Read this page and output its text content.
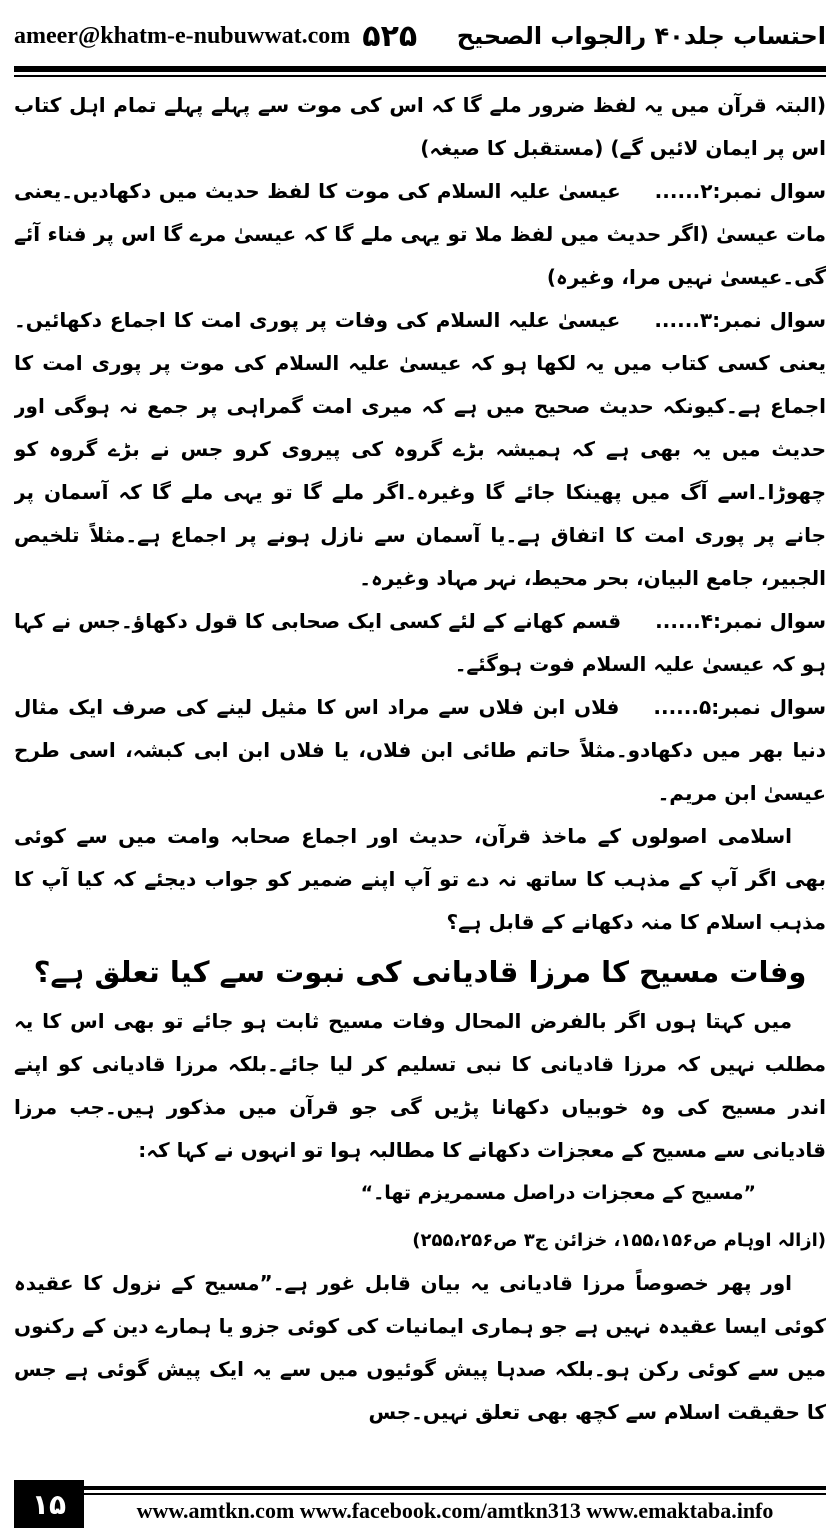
ameer@khatm-e-nubuwwat.com ۵۲۵ احتساب جلد۴۰ رالجواب الصحیح

(البتہ قرآن میں یہ لفظ ضرور ملے گا کہ اس کی موت سے پہلے پہلے تمام اہل کتاب اس پر ایمان لائیں گے) (مستقبل کا صیغہ)

سوال نمبر:۲......عیسیٰ علیہ السلام کی موت کا لفظ حدیث میں دکھادیں۔یعنی مات عیسیٰ (اگر حدیث میں لفظ ملا تو یہی ملے گا کہ عیسیٰ مرے گا اس پر فناء آئے گی۔عیسیٰ نہیں مرا، وغیرہ)

سوال نمبر:۳......عیسیٰ علیہ السلام کی وفات پر پوری امت کا اجماع دکھائیں۔یعنی کسی کتاب میں یہ لکھا ہو کہ عیسیٰ علیہ السلام کی موت پر پوری امت کا اجماع ہے۔کیونکہ حدیث صحیح میں ہے کہ میری امت گمراہی پر جمع نہ ہوگی اور حدیث میں یہ بھی ہے کہ ہمیشہ بڑے گروہ کی پیروی کرو جس نے بڑے گروہ کو چھوڑا۔اسے آگ میں پھینکا جائے گا وغیرہ۔اگر ملے گا تو یہی ملے گا کہ آسمان پر جانے پر پوری امت کا اتفاق ہے۔یا آسمان سے نازل ہونے پر اجماع ہے۔مثلاً تلخیص الجبیر، جامع البیان، بحر محیط، نہر مہاد وغیرہ۔

سوال نمبر:۴......قسم کھانے کے لئے کسی ایک صحابی کا قول دکھاؤ۔جس نے کہا ہو کہ عیسیٰ علیہ السلام فوت ہوگئے۔

سوال نمبر:۵......فلاں ابن فلاں سے مراد اس کا مثیل لینے کی صرف ایک مثال دنیا بھر میں دکھادو۔مثلاً حاتم طائی ابن فلاں، یا فلاں ابن ابی کبشہ، اسی طرح عیسیٰ ابن مریم۔

اسلامی اصولوں کے ماخذ قرآن، حدیث اور اجماع صحابہ وامت میں سے کوئی بھی اگر آپ کے مذہب کا ساتھ نہ دے تو آپ اپنے ضمیر کو جواب دیجئے کہ کیا آپ کا مذہب اسلام کا منہ دکھانے کے قابل ہے؟

وفات مسیح کا مرزا قادیانی کی نبوت سے کیا تعلق ہے؟

میں کہتا ہوں اگر بالفرض المحال وفات مسیح ثابت ہو جائے تو بھی اس کا یہ مطلب نہیں کہ مرزا قادیانی کا نبی تسلیم کر لیا جائے۔بلکہ مرزا قادیانی کو اپنے اندر مسیح کی وہ خوبیاں دکھانا پڑیں گی جو قرآن میں مذکور ہیں۔جب مرزا قادیانی سے مسیح کے معجزات دکھانے کا مطالبہ ہوا تو انہوں نے کہا کہ:

”مسیح کے معجزات دراصل مسمریزم تھا۔“

(ازالہ اوہام ص۱۵۵،۱۵۶، خزائن ج۳ ص۲۵۵،۲۵۶)

اور پھر خصوصاً مرزا قادیانی یہ بیان قابل غور ہے۔”مسیح کے نزول کا عقیدہ کوئی ایسا عقیدہ نہیں ہے جو ہماری ایمانیات کی کوئی جزو یا ہمارے دین کے رکنوں میں سے کوئی رکن ہو۔بلکہ صدہا پیش گوئیوں میں سے یہ ایک پیش گوئی ہے جس کا حقیقت اسلام سے کچھ بھی تعلق نہیں۔جس

۱۵	www.amtkn.com www.facebook.com/amtkn313 www.emaktaba.info
